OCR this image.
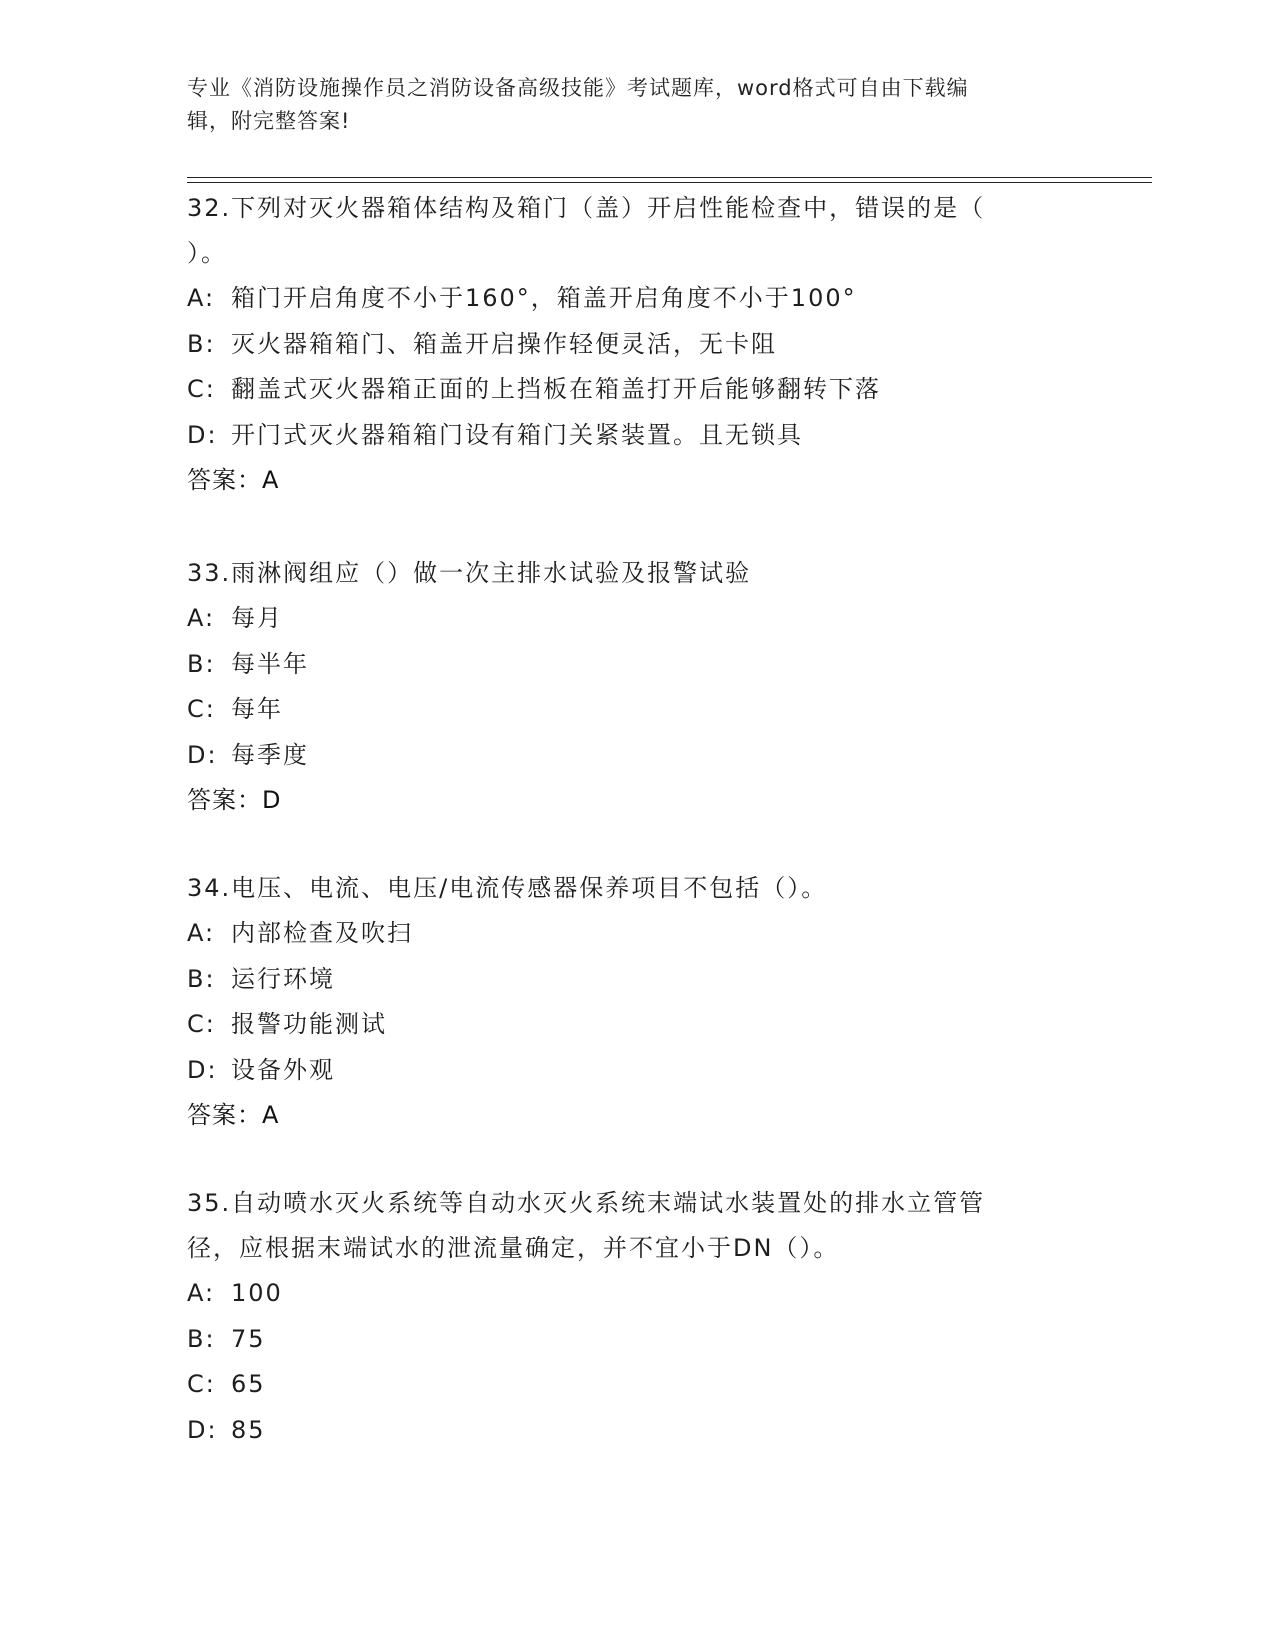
专业《消防设施操作员之消防设备高级技能》考试题库，word格式可自由下载编
辑，附完整答案!
32.下列对灭火器箱体结构及箱门（盖）开启性能检查中，错误的是（
）。
A: 箱门开启角度不小于160°，箱盖开启角度不小于100°
B: 灭火器箱箱门、箱盖开启操作轻便灵活，无卡阻
C: 翻盖式灭火器箱正面的上挡板在箱盖打开后能够翻转下落
D: 开门式灭火器箱箱门设有箱门关紧装置。且无锁具
答案：A
33.雨淋阀组应（）做一次主排水试验及报警试验
A: 每月
B: 每半年
C: 每年
D: 每季度
答案：D
34.电压、电流、电压/电流传感器保养项目不包括（）。
A: 内部检查及吹扫
B: 运行环境
C: 报警功能测试
D: 设备外观
答案：A
35.自动喷水灭火系统等自动水灭火系统末端试水装置处的排水立管管
径，应根据末端试水的泄流量确定，并不宜小于DN（）。
A: 100
B: 75
C: 65
D: 85
